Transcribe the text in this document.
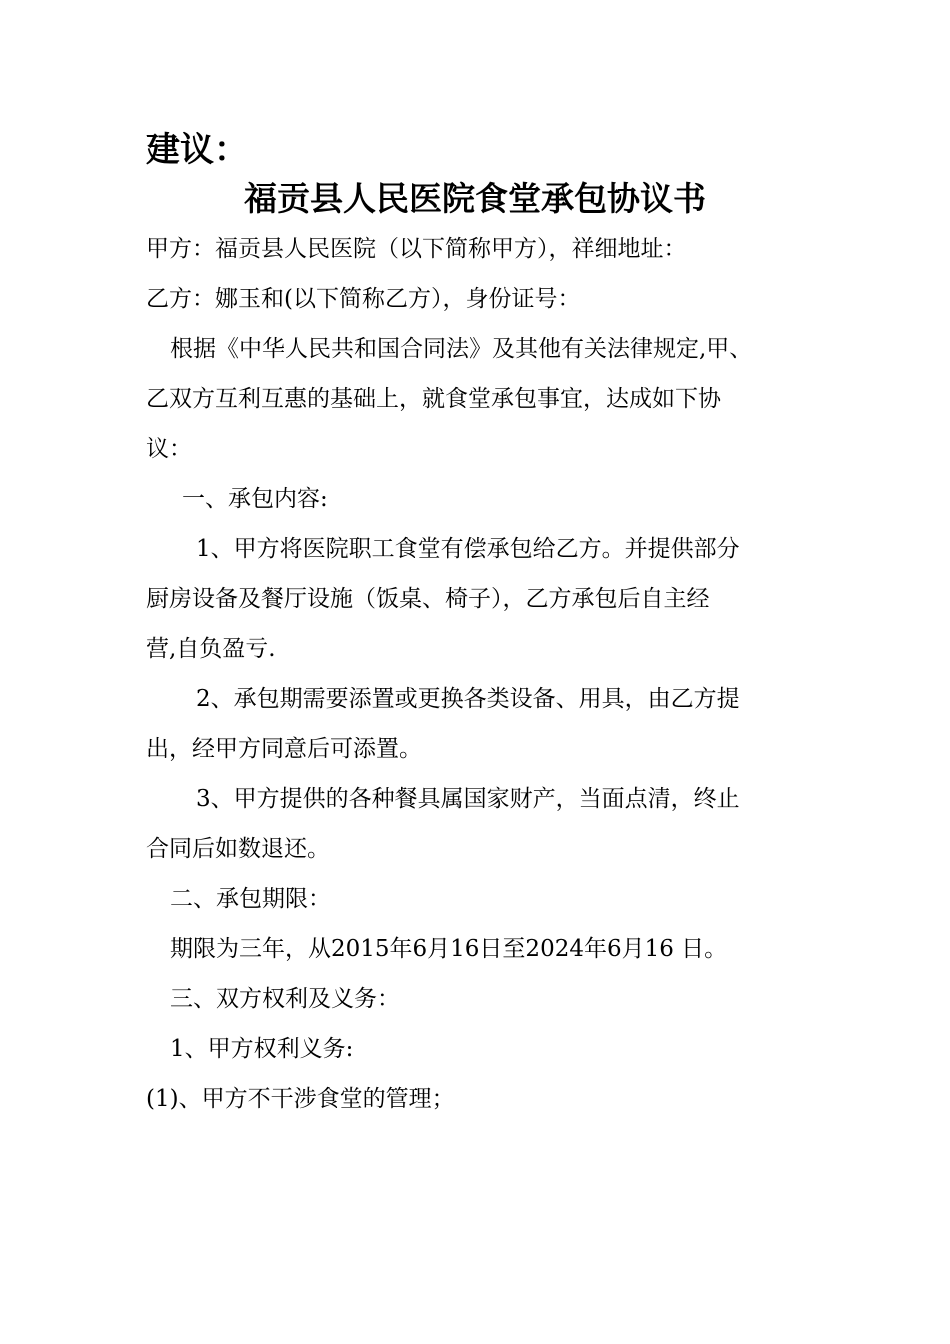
建议：
福贡县人民医院食堂承包协议书
甲方：福贡县人民医院（以下简称甲方），祥细地址：
乙方：娜玉和(以下简称乙方），身份证号：
根据《中华人民共和国合同法》及其他有关法律规定,甲、
乙双方互利互惠的基础上，就食堂承包事宜，达成如下协
议：
一、承包内容:
1、甲方将医院职工食堂有偿承包给乙方。并提供部分
厨房设备及餐厅设施（饭桌、椅子），乙方承包后自主经
营,自负盈亏.
2、承包期需要添置或更换各类设备、用具，由乙方提
出，经甲方同意后可添置。
3、甲方提供的各种餐具属国家财产，当面点清，终止
合同后如数退还。
二、承包期限：
期限为三年，从2015年6月16日至2024年6月16 日。
三、双方权利及义务：
1、甲方权利义务:
(1)、甲方不干涉食堂的管理；
